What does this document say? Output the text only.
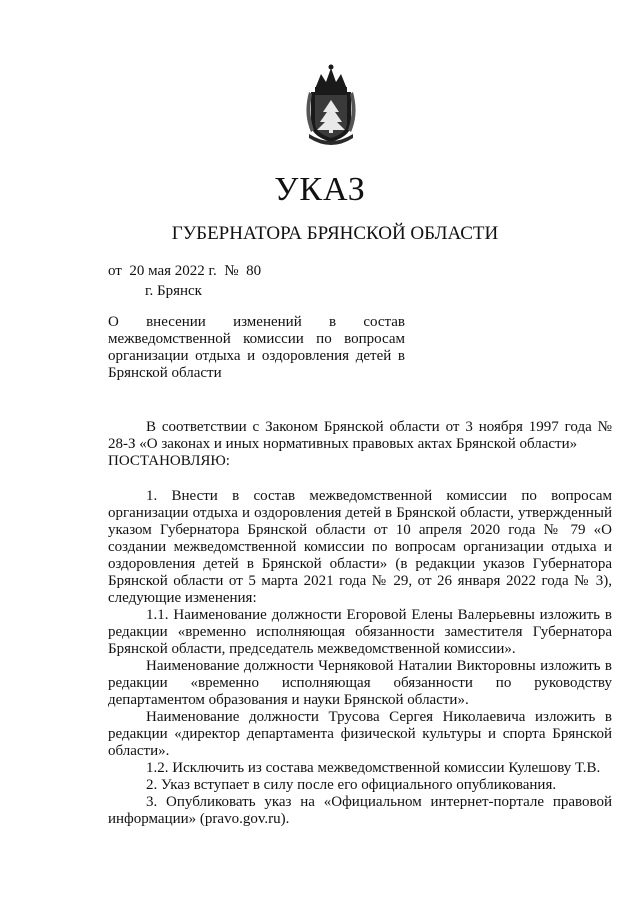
УКАЗ
ГУБЕРНАТОРА БРЯНСКОЙ ОБЛАСТИ
от  20 мая 2022 г.  №  80
г. Брянск
О внесении изменений в состав межведомственной комиссии по вопросам организации отдыха и оздоровления детей в Брянской области

В соответствии с Законом Брянской области от 3 ноября 1997 года № 28-З «О законах и иных нормативных правовых актах Брянской области»

ПОСТАНОВЛЯЮ:

1. Внести в состав межведомственной комиссии по вопросам организации отдыха и оздоровления детей в Брянской области, утвержденный указом Губернатора Брянской области от 10 апреля 2020 года № 79 «О создании межведомственной комиссии по вопросам организации отдыха и оздоровления детей в Брянской области» (в редакции указов Губернатора Брянской области от 5 марта 2021 года № 29, от 26 января 2022 года № 3), следующие изменения:

1.1. Наименование должности Егоровой Елены Валерьевны изложить в редакции «временно исполняющая обязанности заместителя Губернатора Брянской области, председатель межведомственной комиссии».

Наименование должности Черняковой Наталии Викторовны изложить в редакции «временно исполняющая обязанности по руководству департаментом образования и науки Брянской области».

Наименование должности Трусова Сергея Николаевича изложить в редакции «директор департамента физической культуры и спорта Брянской области».

1.2. Исключить из состава межведомственной комиссии Кулешову Т.В.

2. Указ вступает в силу после его официального опубликования.

3. Опубликовать указ на «Официальном интернет-портале правовой информации» (pravo.gov.ru).
